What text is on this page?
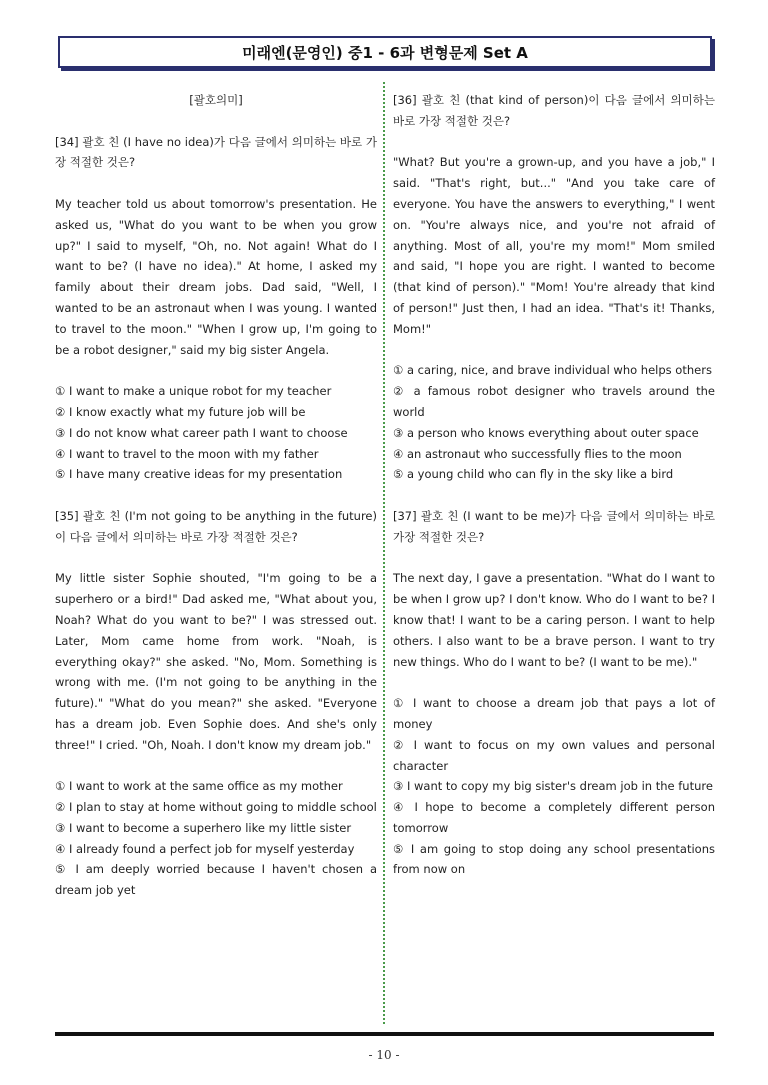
미래엔(문영인) 중1 - 6과 변형문제 Set A
[괄호의미]
[34] 괄호 친 (I have no idea)가 다음 글에서 의미하는 바로 가장 적절한 것은?
My teacher told us about tomorrow's presentation. He asked us, "What do you want to be when you grow up?" I said to myself, "Oh, no. Not again! What do I want to be? (I have no idea)." At home, I asked my family about their dream jobs. Dad said, "Well, I wanted to be an astronaut when I was young. I wanted to travel to the moon." "When I grow up, I'm going to be a robot designer," said my big sister Angela.
① I want to make a unique robot for my teacher
② I know exactly what my future job will be
③ I do not know what career path I want to choose
④ I want to travel to the moon with my father
⑤ I have many creative ideas for my presentation
[35] 괄호 친 (I'm not going to be anything in the future)이 다음 글에서 의미하는 바로 가장 적절한 것은?
My little sister Sophie shouted, "I'm going to be a superhero or a bird!" Dad asked me, "What about you, Noah? What do you want to be?" I was stressed out. Later, Mom came home from work. "Noah, is everything okay?" she asked. "No, Mom. Something is wrong with me. (I'm not going to be anything in the future)." "What do you mean?" she asked. "Everyone has a dream job. Even Sophie does. And she's only three!" I cried. "Oh, Noah. I don't know my dream job."
① I want to work at the same office as my mother
② I plan to stay at home without going to middle school
③ I want to become a superhero like my little sister
④ I already found a perfect job for myself yesterday
⑤ I am deeply worried because I haven't chosen a dream job yet
[36] 괄호 친 (that kind of person)이 다음 글에서 의미하는 바로 가장 적절한 것은?
"What? But you're a grown-up, and you have a job," I said. "That's right, but..." "And you take care of everyone. You have the answers to everything," I went on. "You're always nice, and you're not afraid of anything. Most of all, you're my mom!" Mom smiled and said, "I hope you are right. I wanted to become (that kind of person)." "Mom! You're already that kind of person!" Just then, I had an idea. "That's it! Thanks, Mom!"
① a caring, nice, and brave individual who helps others
② a famous robot designer who travels around the world
③ a person who knows everything about outer space
④ an astronaut who successfully flies to the moon
⑤ a young child who can fly in the sky like a bird
[37] 괄호 친 (I want to be me)가 다음 글에서 의미하는 바로 가장 적절한 것은?
The next day, I gave a presentation. "What do I want to be when I grow up? I don't know. Who do I want to be? I know that! I want to be a caring person. I want to help others. I also want to be a brave person. I want to try new things. Who do I want to be? (I want to be me)."
① I want to choose a dream job that pays a lot of money
② I want to focus on my own values and personal character
③ I want to copy my big sister's dream job in the future
④ I hope to become a completely different person tomorrow
⑤ I am going to stop doing any school presentations from now on
- 10 -
